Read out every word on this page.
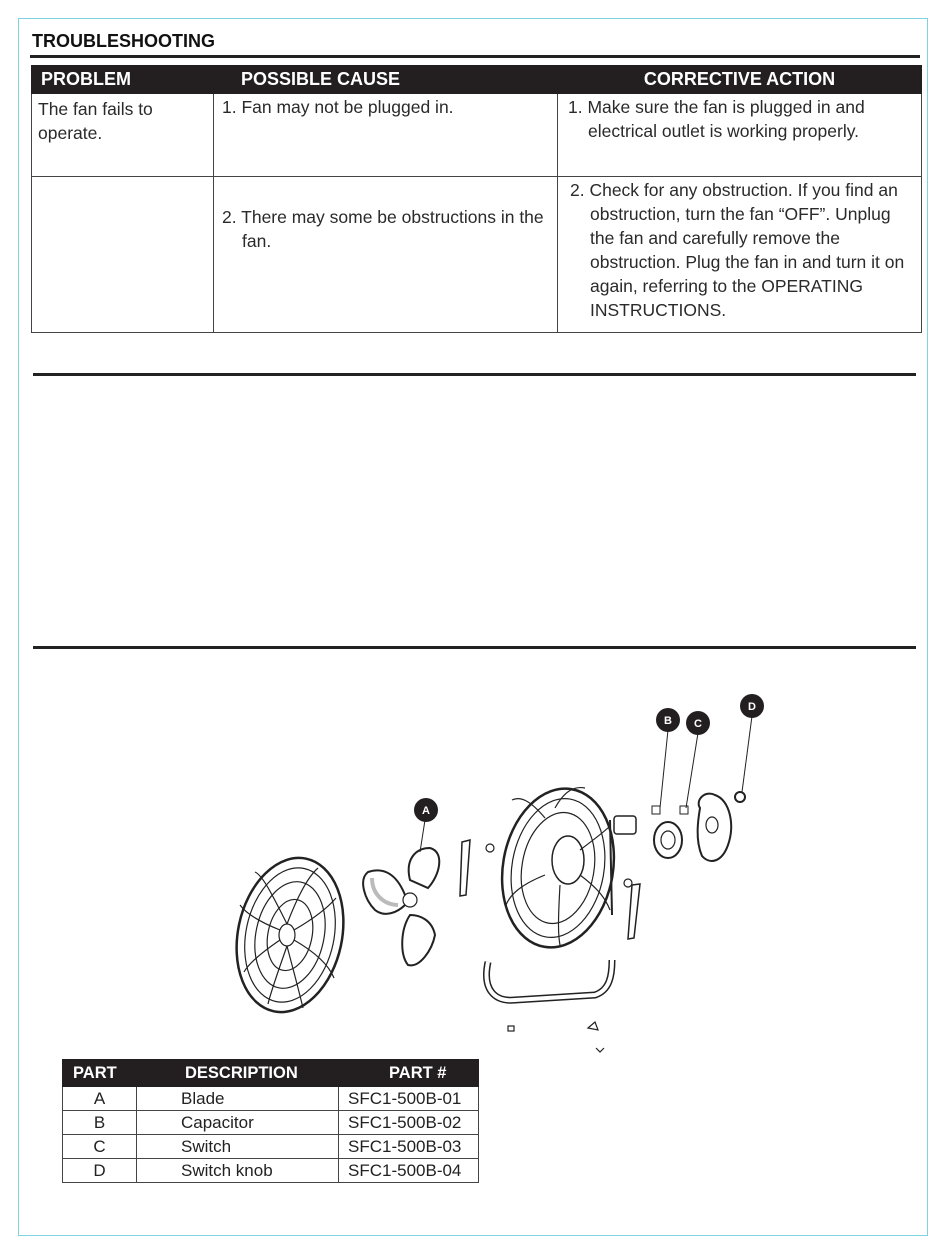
TROUBLESHOOTING
PROBLEM	POSSIBLE CAUSE	CORRECTIVE ACTION

The fan fails to operate.	1. Fan may not be plugged in.	1. Make sure the fan is plugged in and electrical outlet is working properly.

	2. There may some be obstructions in the fan.	2. Check for any obstruction. If you find an obstruction, turn the fan “OFF”. Unplug the fan and carefully remove the obstruction. Plug the fan in and turn it on again, referring to the OPERATING INSTRUCTIONS.
A
B C
D
PART	DESCRIPTION	PART #
A	Blade	SFC1-500B-01
B	Capacitor	SFC1-500B-02
C	Switch	SFC1-500B-03
D	Switch knob	SFC1-500B-04
